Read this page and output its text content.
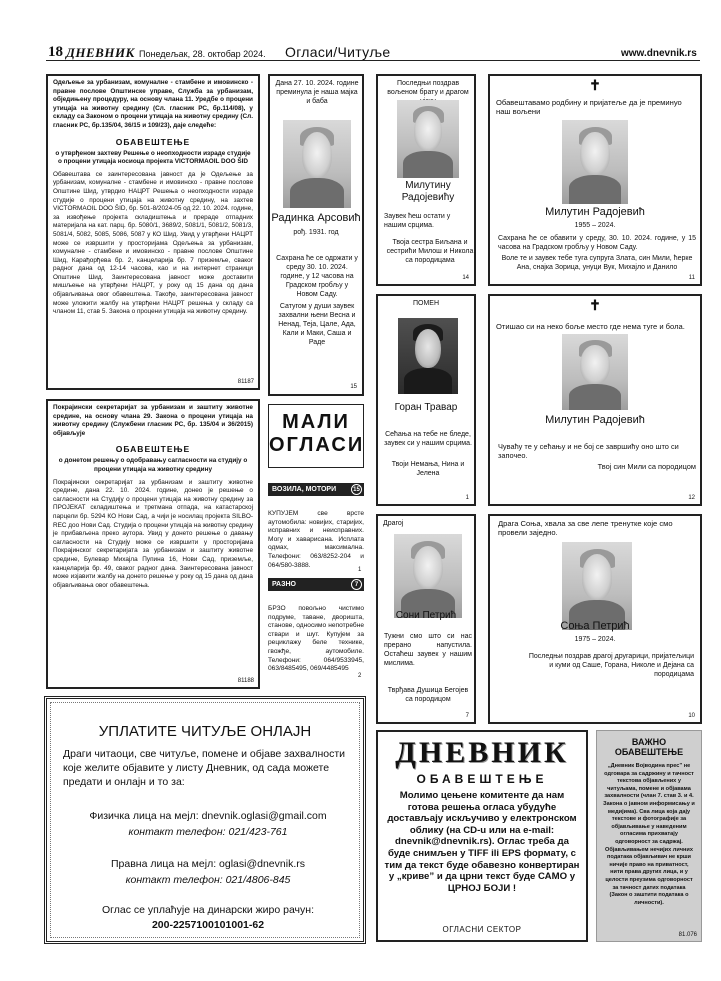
18 ДНЕВНИК Понедељак, 28. октобар 2024. Огласи/Читуље	www.dnevnik.rs
Одељење за урбанизам, комуналне - стамбене и имовинско - правне послове Општинске управе, Служба за урбанизам, обједињену процедуру, на основу члана 11. Уредбе о процени утицаја на животну средину (Сл. гласник РС, бр.114/08), у складу са Законом о процени утицаја на животну средину (Сл. гласник РС, бр.135/04, 36/15 и 109/23), даје следеће:
ОБАВЕШТЕЊЕ
о утврђеном захтеву Решење о неопходности израде студије о процени утицаја носиоца пројекта VICTORMAOIL DOO ŠID
Обавештава се заинтересована јавност да је Одељење за урбанизам, комуналне - стамбене и имовинско - правне послове Општине Шид, утврдио НАЦРТ Решења о неопходности израде студије о процени утицаја на животну средину, на захтев VICTORMAOIL DOO ŠID, бр. 501-8/2024-05 од 22. 10. 2024. године, за извођење пројекта складиштења и прераде отпадних материјала на кат. парц. бр. 5080/1, 3689/2, 5081/1, 5081/2, 5081/3, 5081/4, 5082, 5085, 5086, 5087 у КО Шид. Увид у утврђени НАЦРТ може се извршити у просторијама Одељења за урбанизам, комуналне - стамбене и имовинско - правне послове Општине Шид, Карађорђева бр. 2, канцеларија бр. 7 приземље, сваког радног дана од 12-14 часова, као и на интернет страници Општине Шид. Заинтересована јавност може доставити мишљење на утврђени НАЦРТ, у року од 15 дана од дана објављивања овог обавештења. Такође, заинтересована јавност може уложити жалбу на утврђени НАЦРТ решења у складу са чланом 11, став 5. Закона о процени утицаја на животну средину.
81187
Покрајински секретаријат за урбанизам и заштиту животне средине, на основу члана 29. Закона о процени утицаја на животну средину (Службени гласник РС, бр. 135/04 и 36/2015) објављује
ОБАВЕШТЕЊЕ
о донетом решењу о одобравању сагласности на студију о процени утицаја на животну средину
Покрајински секретаријат за урбанизам и заштиту животне средине, дана 22. 10. 2024. године, донео је решење о сагласности на Студију о процени утицаја на животну средину за ПРОЈЕКАТ складиштења и третмана отпада, на катастарској парцели бр. 5294 КО Нови Сад, а чији је носилац пројекта SILBO-REC доо Нови Сад. Студија о процени утицаја на животну средину је прибављена преко аутора. Увид у донето решење о давању сагласности на Студију може се извршити у просторијама Покрајинског секретаријата за урбанизам и заштиту животне средине, Булевар Михајла Пупина 16, Нови Сад, приземље, канцеларија бр. 49, сваког радног дана. Заинтересована јавност може изјавити жалбу на донето решење у року од 15 дана од дана објављивања овог обавештења.
81188
Дана 27. 10. 2024. године преминула је наша мајка и баба
Радинка Арсовић
рођ. 1931. год
Сахрана ће се одржати у среду 30. 10. 2024. године, у 12 часова на Градском гробљу у Новом Саду.
Сатугом у души заувек захвални њени Весна и Ненад, Теја, Цале, Ада, Кали и Маки, Саша и Раде
15
Последњи поздрав вољеном брату и драгом
Милутину Радојевићу
Заувек ћеш остати у нашим срцима.
Твоја сестра Биљана и сестрићи Милош и Никола са породицама
14
✝
Обавештавамо родбину и пријатеље да је преминуо наш вољени
Милутин Радојевић
1955 – 2024.
Сахрана ће се обавити у среду, 30. 10. 2024. године, у 15 часова на Градском гробљу у Новом Саду.
Воле те и заувек тебе туга супруга Злата, син Мили, ћерке Ана, снајка Зорица, унуци Вук, Михајло и Данило
11
ПОМЕН
Горан Травар
Сећања на тебе не бледе, заувек си у нашим срцима.
Твоји Немања, Нина и Јелена
1
✝
Отишао си на неко боље место где нема туге и бола.
Милутин Радојевић
Чуваћу те у сећању и не бој се завршићу оно што си започео.
Твој син Мили са породицом
12
Драгој
Сони Петрић
Тужни смо што си нас прерано напустила. Остаћеш заувек у нашим мислима.
Тврђава Душица Бегојев са породицом
7
Драга Соња, хвала за све лепе тренутке које смо провели заједно.
Соња Петрић
1975 – 2024.
Последњи поздрав драгој другарици, пријатељици и куми од Саше, Горана, Николе и Дејана са породицама
10
МАЛИ
ОГЛАСИ
ВОЗИЛА, МОТОРИ	15
КУПУЈЕМ све врсте аутомобила: новијих, старијих, исправних и неисправних. Могу и хаварисана. Исплата одмах, максимална. Телефони: 063/8252-204 и 064/580-3888.
1
РАЗНО	7
БРЗО повољно чистимо подруме, таване, дворишта, станове, односимо непотребне ствари и шут. Купујем за рециклажу беле технике, гвожђе, аутомобиле. Телефони: 064/9533945, 063/8485495, 069/4485495
2
УПЛАТИТЕ ЧИТУЉЕ ОНЛАЈН
Драги читаоци, све читуље, помене и објаве захвалности које желите објавите у листу Дневник, од сада можете предати и онлајн и то за:
Физичка лица на мејл: dnevnik.oglasi@gmail.com
контакт телефон: 021/423-761
Правна лица на мејл: oglasi@dnevnik.rs
контакт телефон: 021/4806-845
Оглас се уплаћује на динарски жиро рачун:
200-2257100101001-62
ДНЕВНИК
ОБАВЕШТЕЊЕ
Молимо цењене комитенте да нам готова решења огласа убудуће достављају искључиво у електронском облику (на CD-u или на e-mail: dnevnik@dnevnik.rs). Оглас треба да буде снимљен у TIFF ili EPS формату, с тим да текст буде обавезно конвертиран у „криве” и да црни текст буде САМО у ЦРНОЈ БОЈИ !
ОГЛАСНИ СЕКТОР
ВАЖНО
ОБАВЕШТЕЊЕ
„Дневник Војводина прес” не одговара за садржину и тачност текстова објављених у читуљама, помене и објавама захвалности (члан 7. став 3. и 4. Закона о јавном информисању и медијима). Сва лица која дају текстове и фотографије за објављивање у наведеним огласима прихватају одговорност за садржај. Објављивањем нечијих личних података објављивач не крши ничије право на приватност, нити права других лица, и у целости преузима одговорност за тачност датих података (Закон о заштити података о личности).
81.076
